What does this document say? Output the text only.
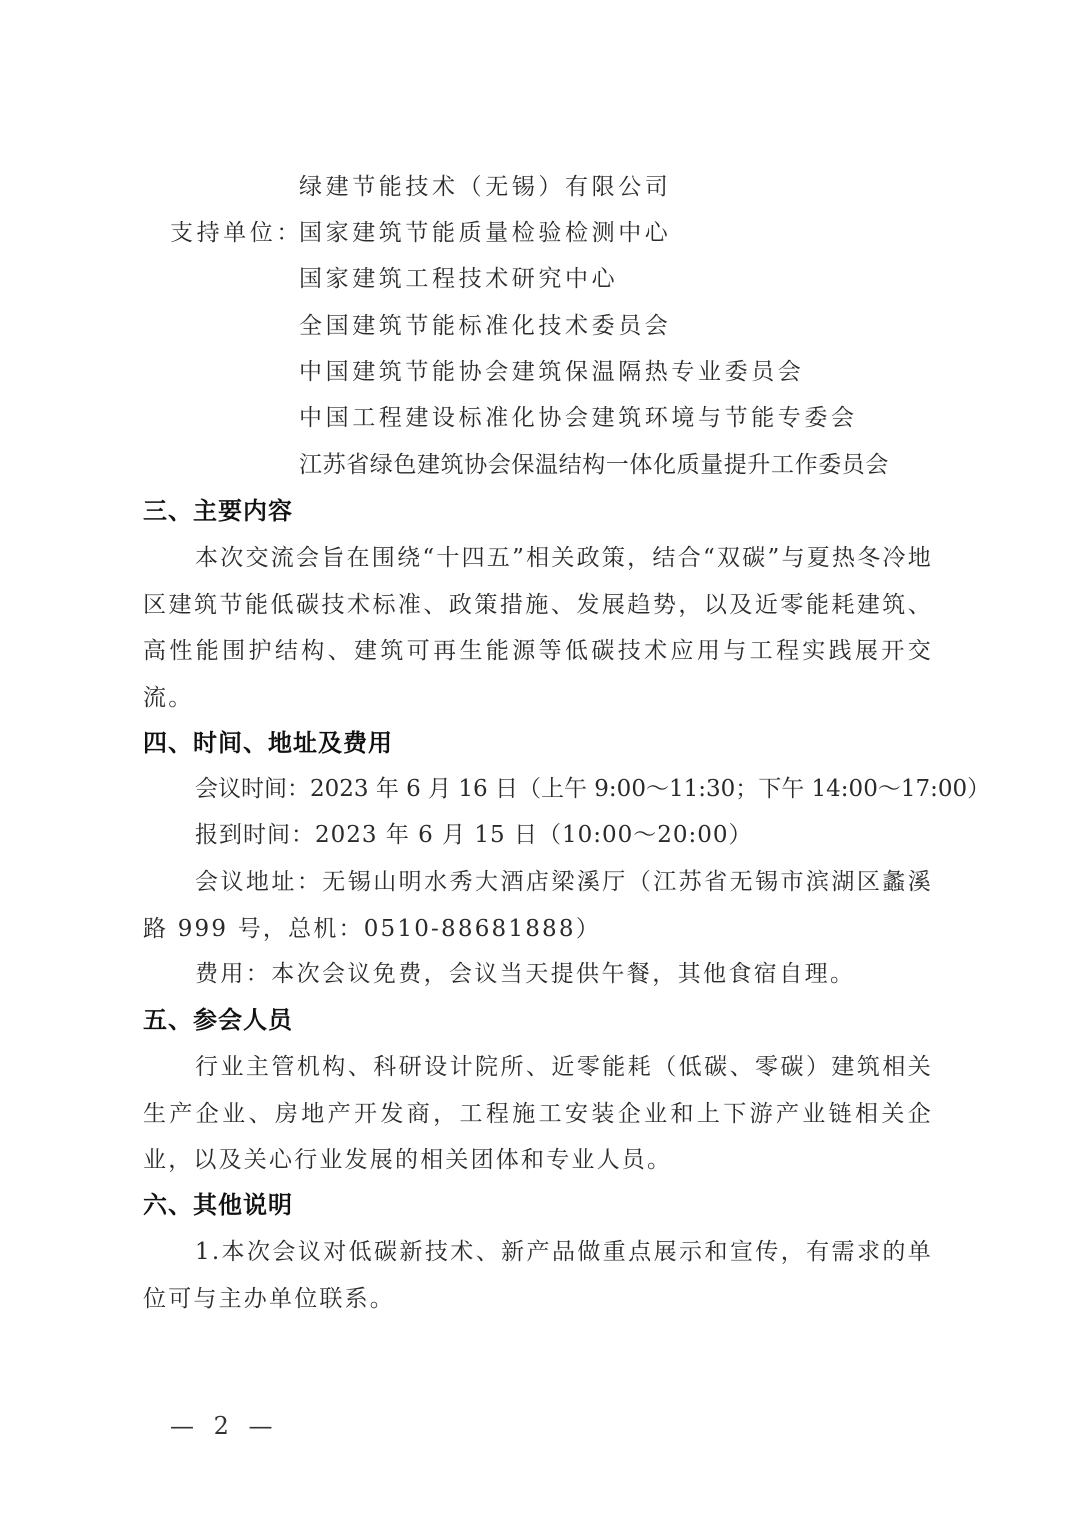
绿建节能技术（无锡）有限公司
支持单位：
国家建筑节能质量检验检测中心
国家建筑工程技术研究中心
全国建筑节能标准化技术委员会
中国建筑节能协会建筑保温隔热专业委员会
中国工程建设标准化协会建筑环境与节能专委会
江苏省绿色建筑协会保温结构一体化质量提升工作委员会
三、主要内容
本次交流会旨在围绕“十四五”相关政策，结合“双碳”与夏热冬冷地区建筑节能低碳技术标准、政策措施、发展趋势，以及近零能耗建筑、高性能围护结构、建筑可再生能源等低碳技术应用与工程实践展开交流。
四、时间、地址及费用
会议时间：2023 年 6 月 16 日（上午 9:00～11:30；下午 14:00～17:00）
报到时间：2023 年 6 月 15 日（10:00～20:00）
会议地址：无锡山明水秀大酒店梁溪厅（江苏省无锡市滨湖区蠡溪路 999 号，总机：0510-88681888）
费用：本次会议免费，会议当天提供午餐，其他食宿自理。
五、参会人员
行业主管机构、科研设计院所、近零能耗（低碳、零碳）建筑相关生产企业、房地产开发商，工程施工安装企业和上下游产业链相关企业，以及关心行业发展的相关团体和专业人员。
六、其他说明
1.本次会议对低碳新技术、新产品做重点展示和宣传，有需求的单位可与主办单位联系。
— 2 —
